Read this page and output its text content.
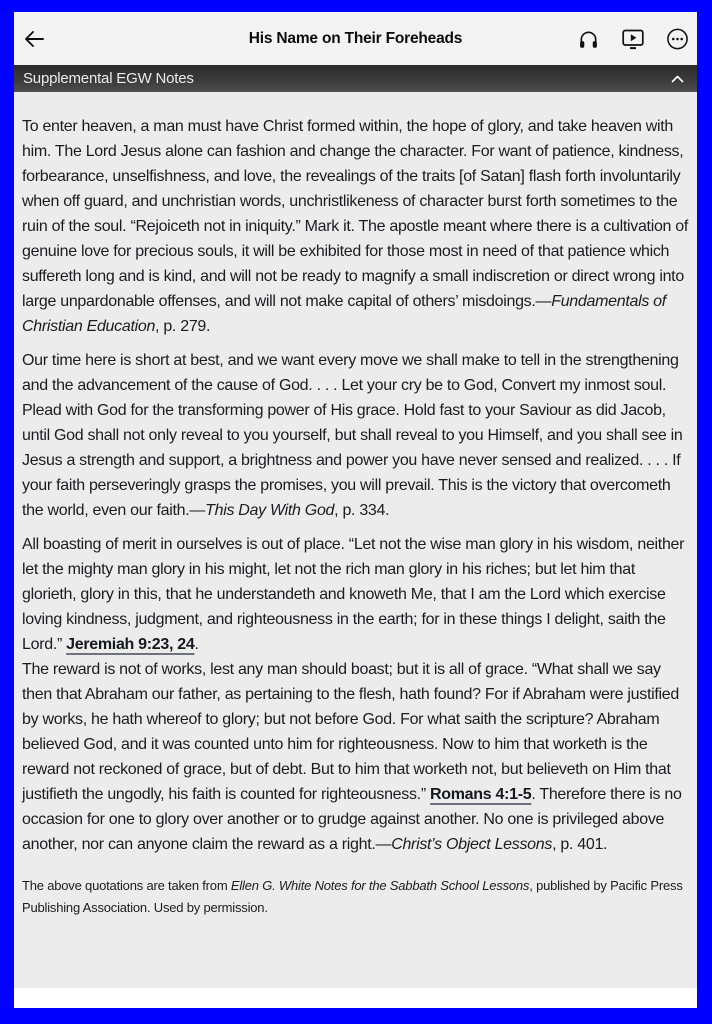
His Name on Their Foreheads
Supplemental EGW Notes

To enter heaven, a man must have Christ formed within, the hope of glory, and take heaven with him. The Lord Jesus alone can fashion and change the character. For want of patience, kindness, forbearance, unselfishness, and love, the revealings of the traits [of Satan] flash forth involuntarily when off guard, and unchristian words, unchristlikeness of character burst forth sometimes to the ruin of the soul. “Rejoiceth not in iniquity.” Mark it. The apostle meant where there is a cultivation of genuine love for precious souls, it will be exhibited for those most in need of that patience which suffereth long and is kind, and will not be ready to magnify a small indiscretion or direct wrong into large unpardonable offenses, and will not make capital of others’ misdoings.—Fundamentals of Christian Education, p. 279.

Our time here is short at best, and we want every move we shall make to tell in the strengthening and the advancement of the cause of God. . . . Let your cry be to God, Convert my inmost soul. Plead with God for the transforming power of His grace. Hold fast to your Saviour as did Jacob, until God shall not only reveal to you yourself, but shall reveal to you Himself, and you shall see in Jesus a strength and support, a brightness and power you have never sensed and realized. . . . If your faith perseveringly grasps the promises, you will prevail. This is the victory that overcometh the world, even our faith.—This Day With God, p. 334.

All boasting of merit in ourselves is out of place. “Let not the wise man glory in his wisdom, neither let the mighty man glory in his might, let not the rich man glory in his riches; but let him that glorieth, glory in this, that he understandeth and knoweth Me, that I am the Lord which exercise loving kindness, judgment, and righteousness in the earth; for in these things I delight, saith the Lord.” Jeremiah 9:23, 24.
The reward is not of works, lest any man should boast; but it is all of grace. “What shall we say then that Abraham our father, as pertaining to the flesh, hath found? For if Abraham were justified by works, he hath whereof to glory; but not before God. For what saith the scripture? Abraham believed God, and it was counted unto him for righteousness. Now to him that worketh is the reward not reckoned of grace, but of debt. But to him that worketh not, but believeth on Him that justifieth the ungodly, his faith is counted for righteousness.” Romans 4:1-5. Therefore there is no occasion for one to glory over another or to grudge against another. No one is privileged above another, nor can anyone claim the reward as a right.—Christ’s Object Lessons, p. 401.

The above quotations are taken from Ellen G. White Notes for the Sabbath School Lessons, published by Pacific Press Publishing Association. Used by permission.
